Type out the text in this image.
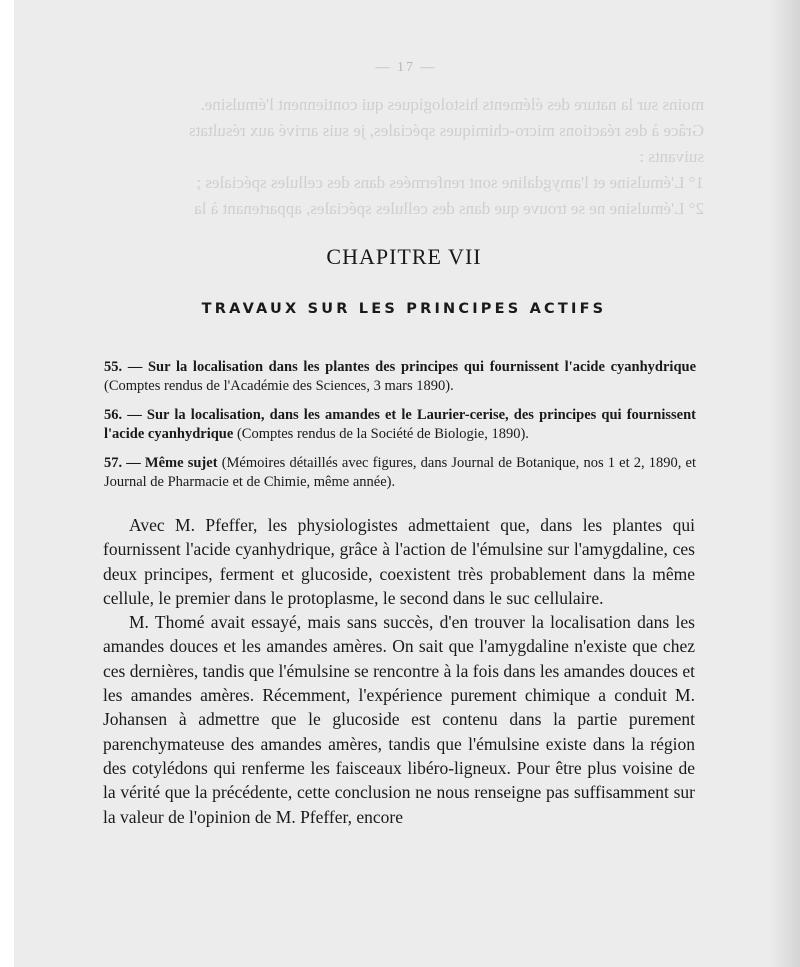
— 17 —
moins sur la nature des éléments histologiques qui contiennent l'émulsine.
Grâce à des réactions micro-chimiques spéciales, je suis arrivé aux résultats
suivants :
1° L'émulsine et l'amygdaline sont renfermées dans des cellules spéciales ;
2° L'émulsine ne se trouve que dans des cellules spéciales, appartenant à la
CHAPITRE VII
TRAVAUX SUR LES PRINCIPES ACTIFS
55. — Sur la localisation dans les plantes des principes qui fournissent l'acide cyanhydrique (Comptes rendus de l'Académie des Sciences, 3 mars 1890).
56. — Sur la localisation, dans les amandes et le Laurier-cerise, des principes qui fournissent l'acide cyanhydrique (Comptes rendus de la Société de Biologie, 1890).
57. — Même sujet (Mémoires détaillés avec figures, dans Journal de Botanique, nos 1 et 2, 1890, et Journal de Pharmacie et de Chimie, même année).

Avec M. Pfeffer, les physiologistes admettaient que, dans les plantes qui fournissent l'acide cyanhydrique, grâce à l'action de l'émulsine sur l'amygdaline, ces deux principes, ferment et glucoside, coexistent très probablement dans la même cellule, le premier dans le protoplasme, le second dans le suc cellulaire.

M. Thomé avait essayé, mais sans succès, d'en trouver la localisation dans les amandes douces et les amandes amères. On sait que l'amygdaline n'existe que chez ces dernières, tandis que l'émulsine se rencontre à la fois dans les amandes douces et les amandes amères. Récemment, l'expérience purement chimique a conduit M. Johansen à admettre que le glucoside est contenu dans la partie purement parenchymateuse des amandes amères, tandis que l'émulsine existe dans la région des cotylédons qui renferme les faisceaux libéro-ligneux. Pour être plus voisine de la vérité que la précédente, cette conclusion ne nous renseigne pas suffisamment sur la valeur de l'opinion de M. Pfeffer, encore
